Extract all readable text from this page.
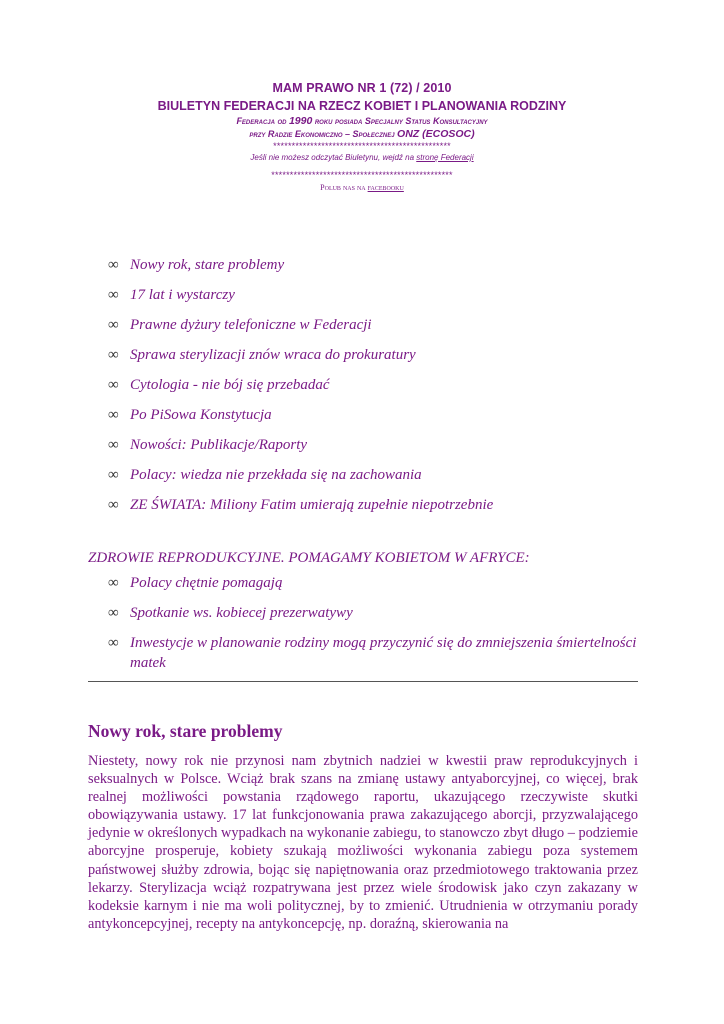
MAM PRAWO NR 1 (72) / 2010
BIULETYN FEDERACJI NA RZECZ KOBIET I PLANOWANIA RODZINY
Federacja od 1990 roku posiada Specjalny Status Konsultacyjny
przy Radzie Ekonomiczno – Społecznej ONZ (ECOSOC)
************************************************
Jeśli nie możesz odczytać Biuletynu, wejdź na stronę Federacji
*************************************************
Polub nas na facebooku
∞ Nowy rok, stare problemy
∞ 17 lat i wystarczy
∞ Prawne dyżury telefoniczne w Federacji
∞ Sprawa sterylizacji znów wraca do prokuratury
∞ Cytologia - nie bój się przebadać
∞ Po PiSowa Konstytucja
∞ Nowości: Publikacje/Raporty
∞ Polacy: wiedza nie przekłada się na zachowania
∞ ZE ŚWIATA: Miliony Fatim umierają zupełnie niepotrzebnie
ZDROWIE REPRODUKCYJNE. POMAGAMY KOBIETOM W AFRYCE:
∞ Polacy chętnie pomagają
∞ Spotkanie ws. kobiecej prezerwatywy
∞ Inwestycje w planowanie rodziny mogą przyczynić się do zmniejszenia śmiertelności matek
Nowy rok, stare problemy
Niestety, nowy rok nie przynosi nam zbytnich nadziei w kwestii praw reprodukcyjnych i seksualnych w Polsce. Wciąż brak szans na zmianę ustawy antyaborcyjnej, co więcej, brak realnej możliwości powstania rządowego raportu, ukazującego rzeczywiste skutki obowiązywania ustawy. 17 lat funkcjonowania prawa zakazującego aborcji, przyzwalającego jedynie w określonych wypadkach na wykonanie zabiegu, to stanowczo zbyt długo – podziemie aborcyjne prosperuje, kobiety szukają możliwości wykonania zabiegu poza systemem państwowej służby zdrowia, bojąc się napiętnowania oraz przedmiotowego traktowania przez lekarzy. Sterylizacja wciąż rozpatrywana jest przez wiele środowisk jako czyn zakazany w kodeksie karnym i nie ma woli politycznej, by to zmienić. Utrudnienia w otrzymaniu porady antykoncepcyjnej, recepty na antykoncepcję, np. doraźną, skierowania na
